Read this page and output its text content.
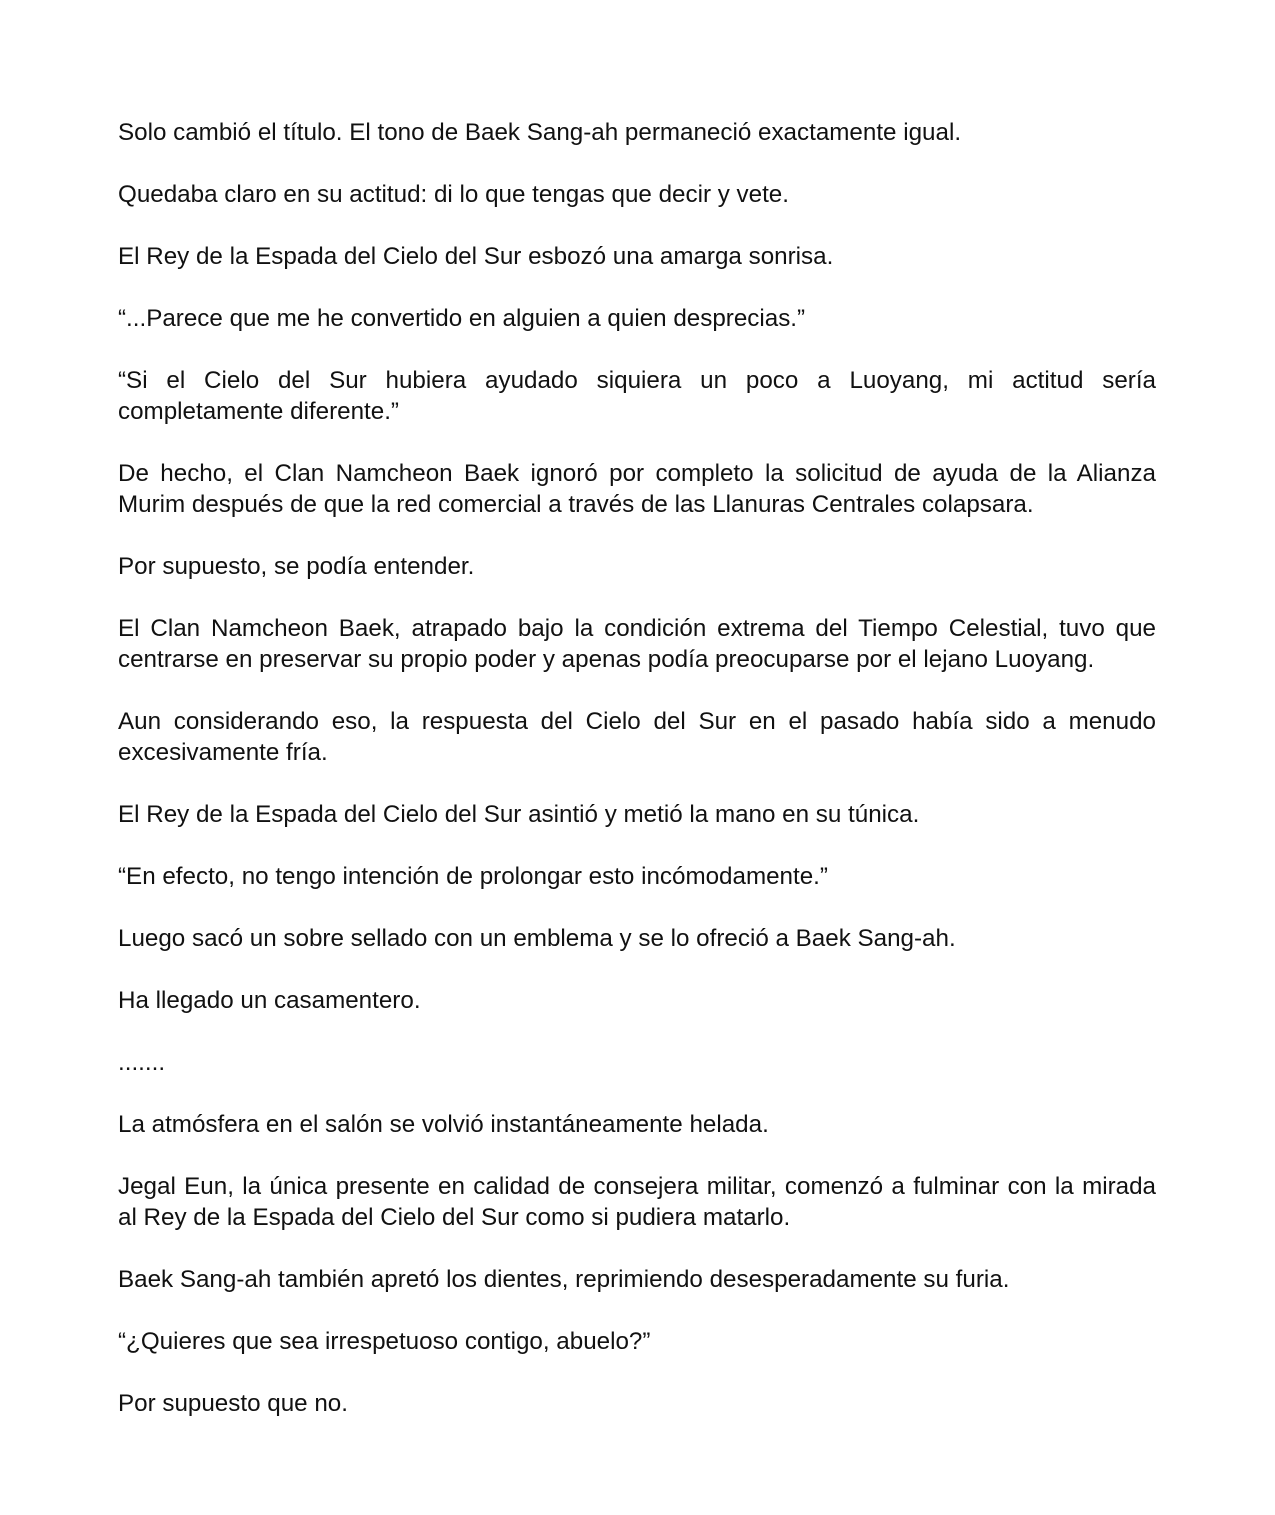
Solo cambió el título. El tono de Baek Sang-ah permaneció exactamente igual.

Quedaba claro en su actitud: di lo que tengas que decir y vete.

El Rey de la Espada del Cielo del Sur esbozó una amarga sonrisa.

“...Parece que me he convertido en alguien a quien desprecias.”

“Si el Cielo del Sur hubiera ayudado siquiera un poco a Luoyang, mi actitud sería completamente diferente.”

De hecho, el Clan Namcheon Baek ignoró por completo la solicitud de ayuda de la Alianza Murim después de que la red comercial a través de las Llanuras Centrales colapsara.

Por supuesto, se podía entender.

El Clan Namcheon Baek, atrapado bajo la condición extrema del Tiempo Celestial, tuvo que centrarse en preservar su propio poder y apenas podía preocuparse por el lejano Luoyang.

Aun considerando eso, la respuesta del Cielo del Sur en el pasado había sido a menudo excesivamente fría.

El Rey de la Espada del Cielo del Sur asintió y metió la mano en su túnica.

“En efecto, no tengo intención de prolongar esto incómodamente.”

Luego sacó un sobre sellado con un emblema y se lo ofreció a Baek Sang-ah.

Ha llegado un casamentero.

.......

La atmósfera en el salón se volvió instantáneamente helada.

Jegal Eun, la única presente en calidad de consejera militar, comenzó a fulminar con la mirada al Rey de la Espada del Cielo del Sur como si pudiera matarlo.

Baek Sang-ah también apretó los dientes, reprimiendo desesperadamente su furia.

“¿Quieres que sea irrespetuoso contigo, abuelo?”

Por supuesto que no.
